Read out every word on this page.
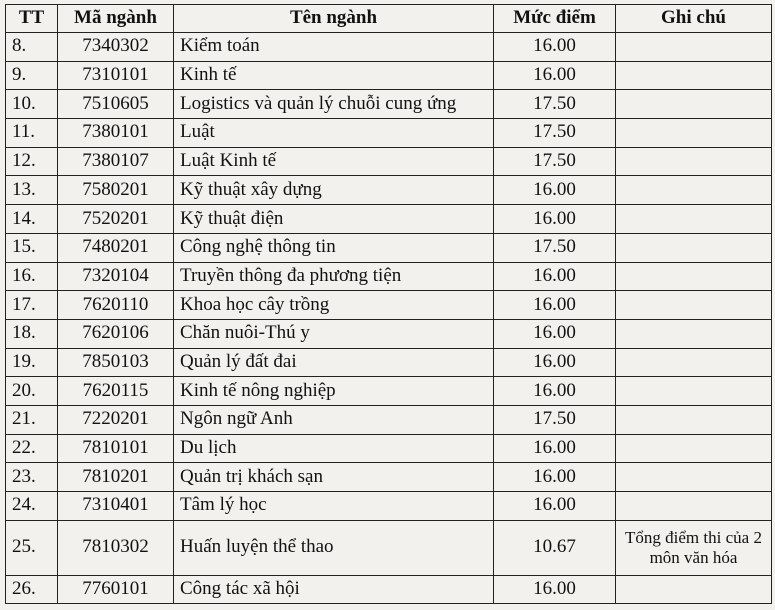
TT	Mã ngành	Tên ngành	Mức điểm	Ghi chú
8.	7340302	Kiểm toán	16.00	
9.	7310101	Kinh tế	16.00	
10.	7510605	Logistics và quản lý chuỗi cung ứng	17.50	
11.	7380101	Luật	17.50	
12.	7380107	Luật Kinh tế	17.50	
13.	7580201	Kỹ thuật xây dựng	16.00	
14.	7520201	Kỹ thuật điện	16.00	
15.	7480201	Công nghệ thông tin	17.50	
16.	7320104	Truyền thông đa phương tiện	16.00	
17.	7620110	Khoa học cây trồng	16.00	
18.	7620106	Chăn nuôi-Thú y	16.00	
19.	7850103	Quản lý đất đai	16.00	
20.	7620115	Kinh tế nông nghiệp	16.00	
21.	7220201	Ngôn ngữ Anh	17.50	
22.	7810101	Du lịch	16.00	
23.	7810201	Quản trị khách sạn	16.00	
24.	7310401	Tâm lý học	16.00	
25.	7810302	Huấn luyện thể thao	10.67	Tổng điểm thi của 2 môn văn hóa
26.	7760101	Công tác xã hội	16.00	
